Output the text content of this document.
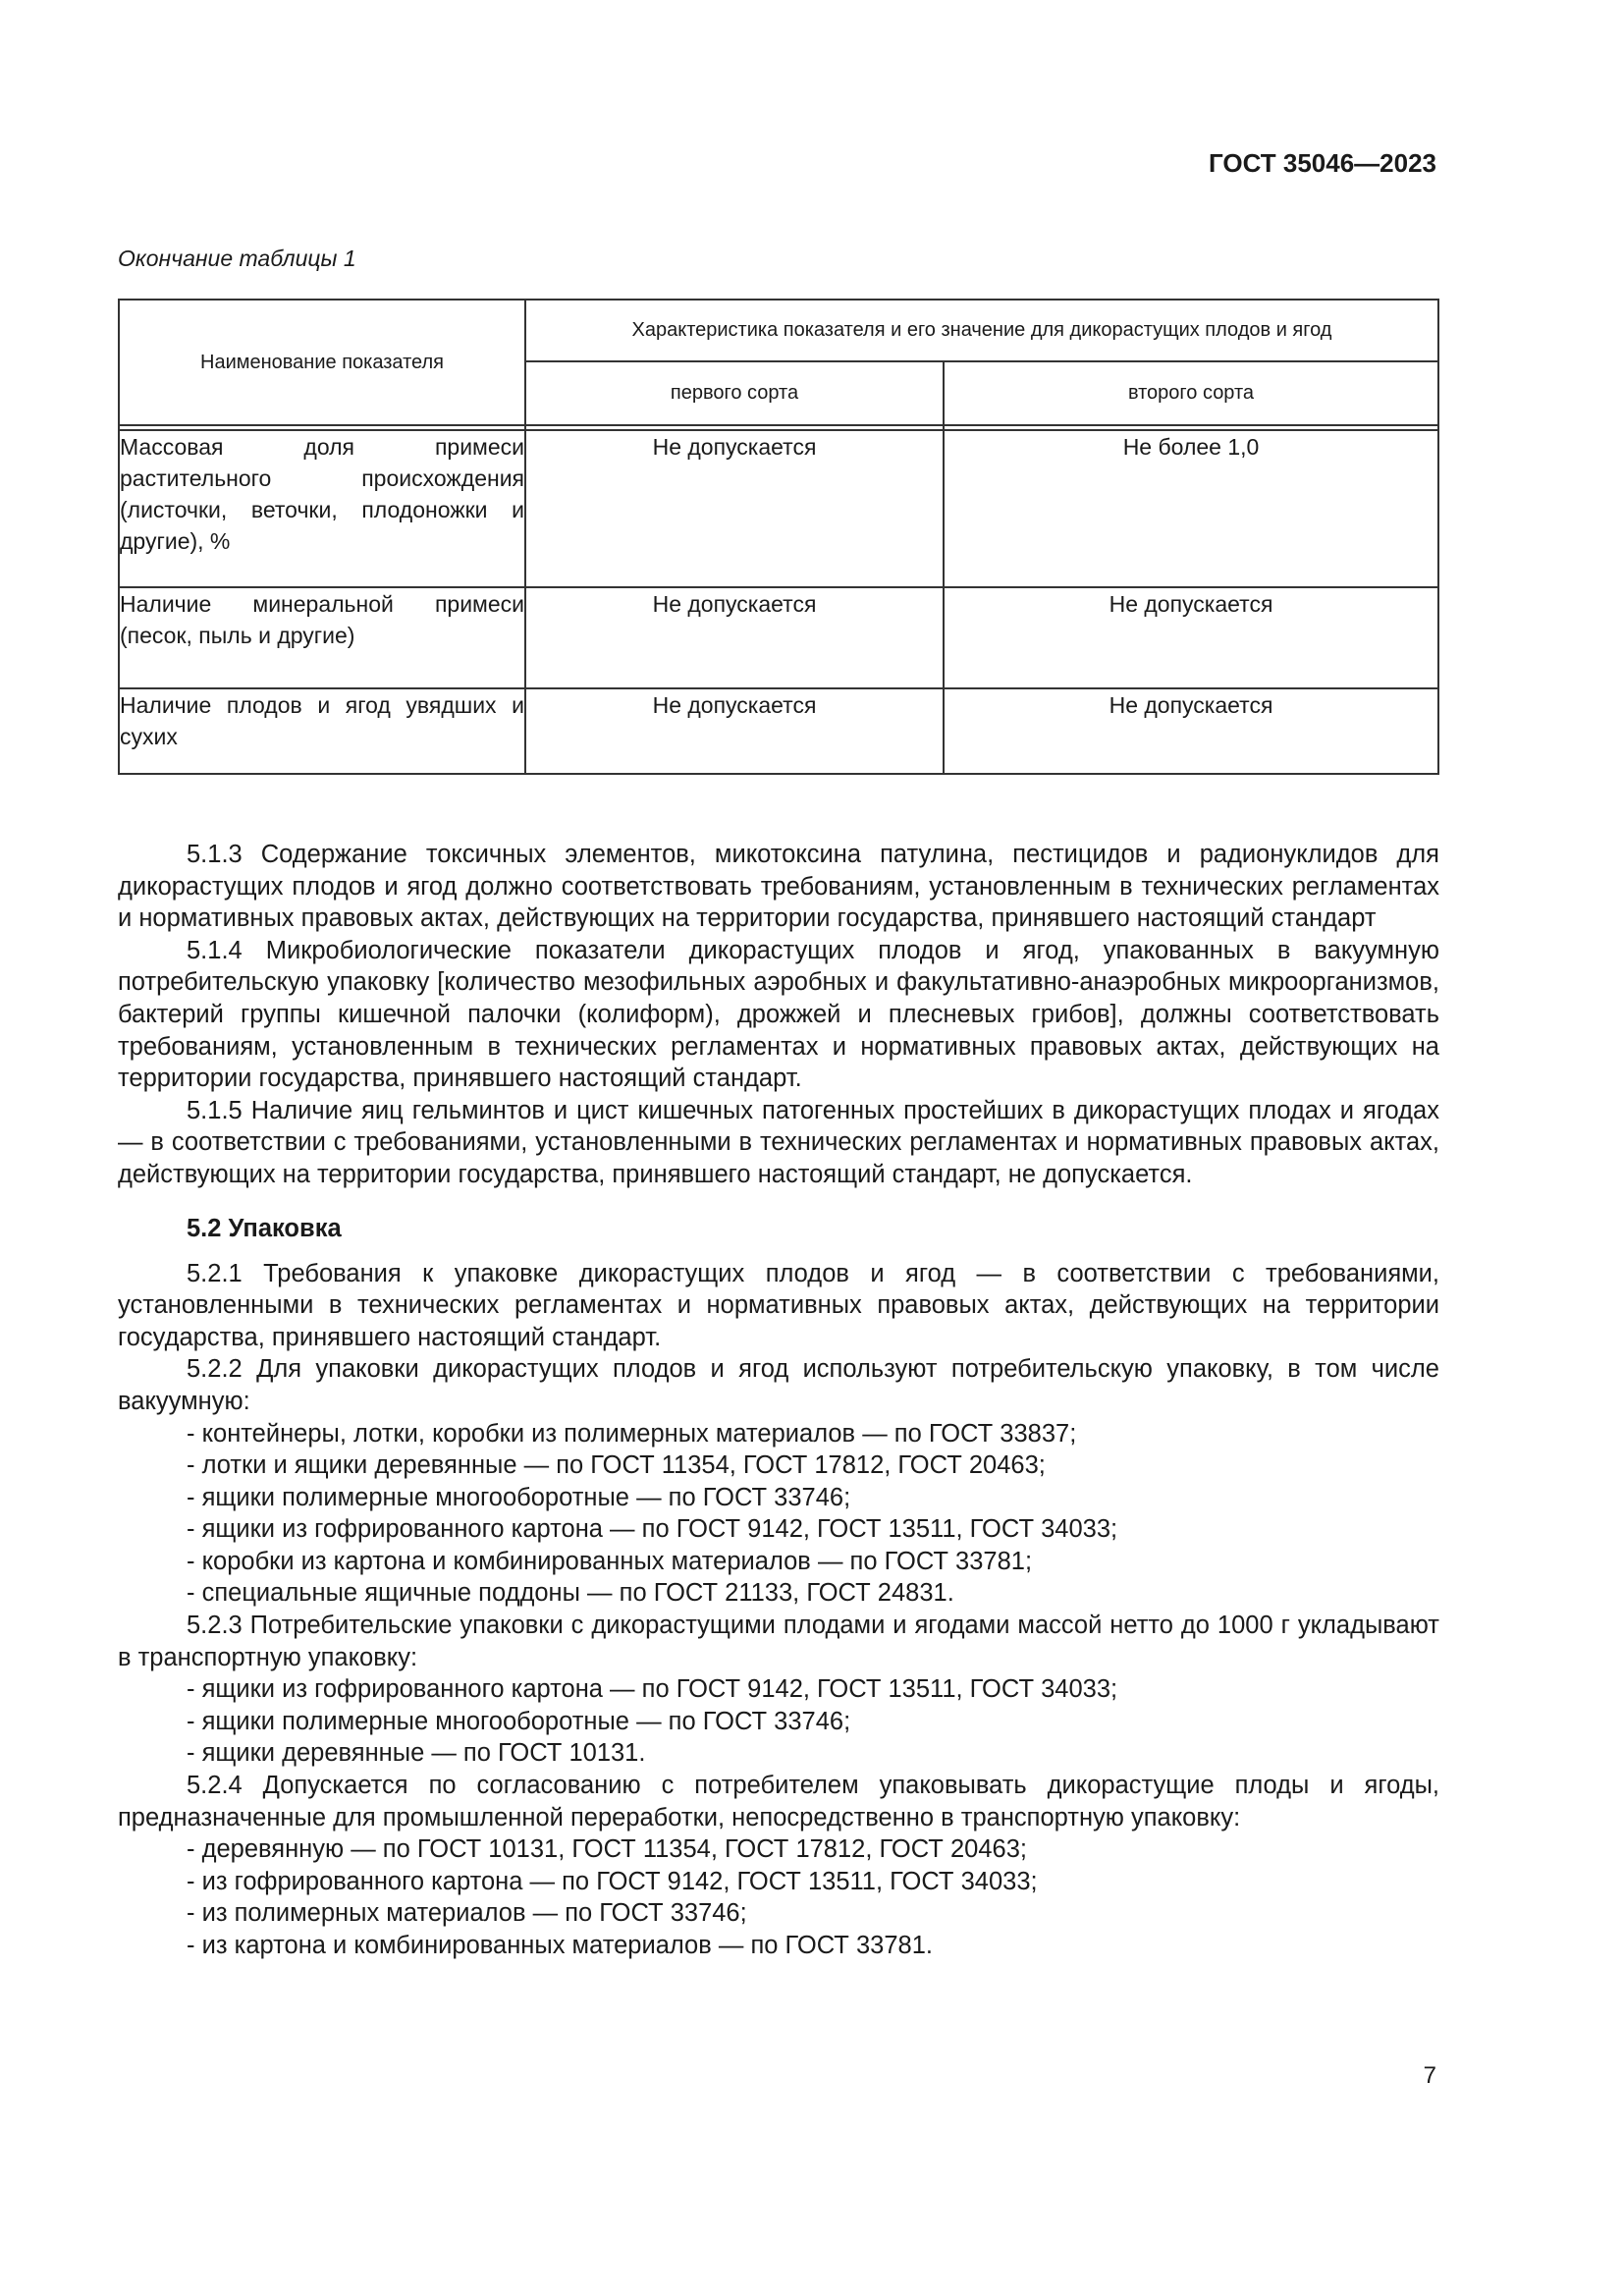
ГОСТ 35046—2023
Окончание таблицы 1
Наименование показателя	Характеристика показателя и его значение для дикорастущих плодов и ягод	
	первого сорта	второго сорта

Массовая доля примеси растительного происхождения (листочки, веточки, плодоножки и другие), %	Не допускается	Не более 1,0
Наличие минеральной примеси (песок, пыль и другие)	Не допускается	Не допускается
Наличие плодов и ягод увядших и сухих	Не допускается	Не допускается

5.1.3 Содержание токсичных элементов, микотоксина патулина, пестицидов и радионуклидов для дикорастущих плодов и ягод должно соответствовать требованиям, установленным в технических регламентах и нормативных правовых актах, действующих на территории государства, принявшего настоящий стандарт

5.1.4 Микробиологические показатели дикорастущих плодов и ягод, упакованных в вакуумную потребительскую упаковку [количество мезофильных аэробных и факультативно-анаэробных микроорганизмов, бактерий группы кишечной палочки (колиформ), дрожжей и плесневых грибов], должны соответствовать требованиям, установленным в технических регламентах и нормативных правовых актах, действующих на территории государства, принявшего настоящий стандарт.

5.1.5 Наличие яиц гельминтов и цист кишечных патогенных простейших в дикорастущих плодах и ягодах — в соответствии с требованиями, установленными в технических регламентах и нормативных правовых актах, действующих на территории государства, принявшего настоящий стандарт, не допускается.

5.2 Упаковка

5.2.1 Требования к упаковке дикорастущих плодов и ягод — в соответствии с требованиями, установленными в технических регламентах и нормативных правовых актах, действующих на территории государства, принявшего настоящий стандарт.

5.2.2 Для упаковки дикорастущих плодов и ягод используют потребительскую упаковку, в том числе вакуумную:

- контейнеры, лотки, коробки из полимерных материалов — по ГОСТ 33837;
- лотки и ящики деревянные — по ГОСТ 11354, ГОСТ 17812, ГОСТ 20463;
- ящики полимерные многооборотные — по ГОСТ 33746;
- ящики из гофрированного картона — по ГОСТ 9142, ГОСТ 13511, ГОСТ 34033;
- коробки из картона и комбинированных материалов — по ГОСТ 33781;
- специальные ящичные поддоны — по ГОСТ 21133, ГОСТ 24831.

5.2.3 Потребительские упаковки с дикорастущими плодами и ягодами массой нетто до 1000 г укладывают в транспортную упаковку:

- ящики из гофрированного картона — по ГОСТ 9142, ГОСТ 13511, ГОСТ 34033;
- ящики полимерные многооборотные — по ГОСТ 33746;
- ящики деревянные — по ГОСТ 10131.

5.2.4 Допускается по согласованию с потребителем упаковывать дикорастущие плоды и ягоды, предназначенные для промышленной переработки, непосредственно в транспортную упаковку:

- деревянную — по ГОСТ 10131, ГОСТ 11354, ГОСТ 17812, ГОСТ 20463;
- из гофрированного картона — по ГОСТ 9142, ГОСТ 13511, ГОСТ 34033;
- из полимерных материалов — по ГОСТ 33746;
- из картона и комбинированных материалов — по ГОСТ 33781.
7
